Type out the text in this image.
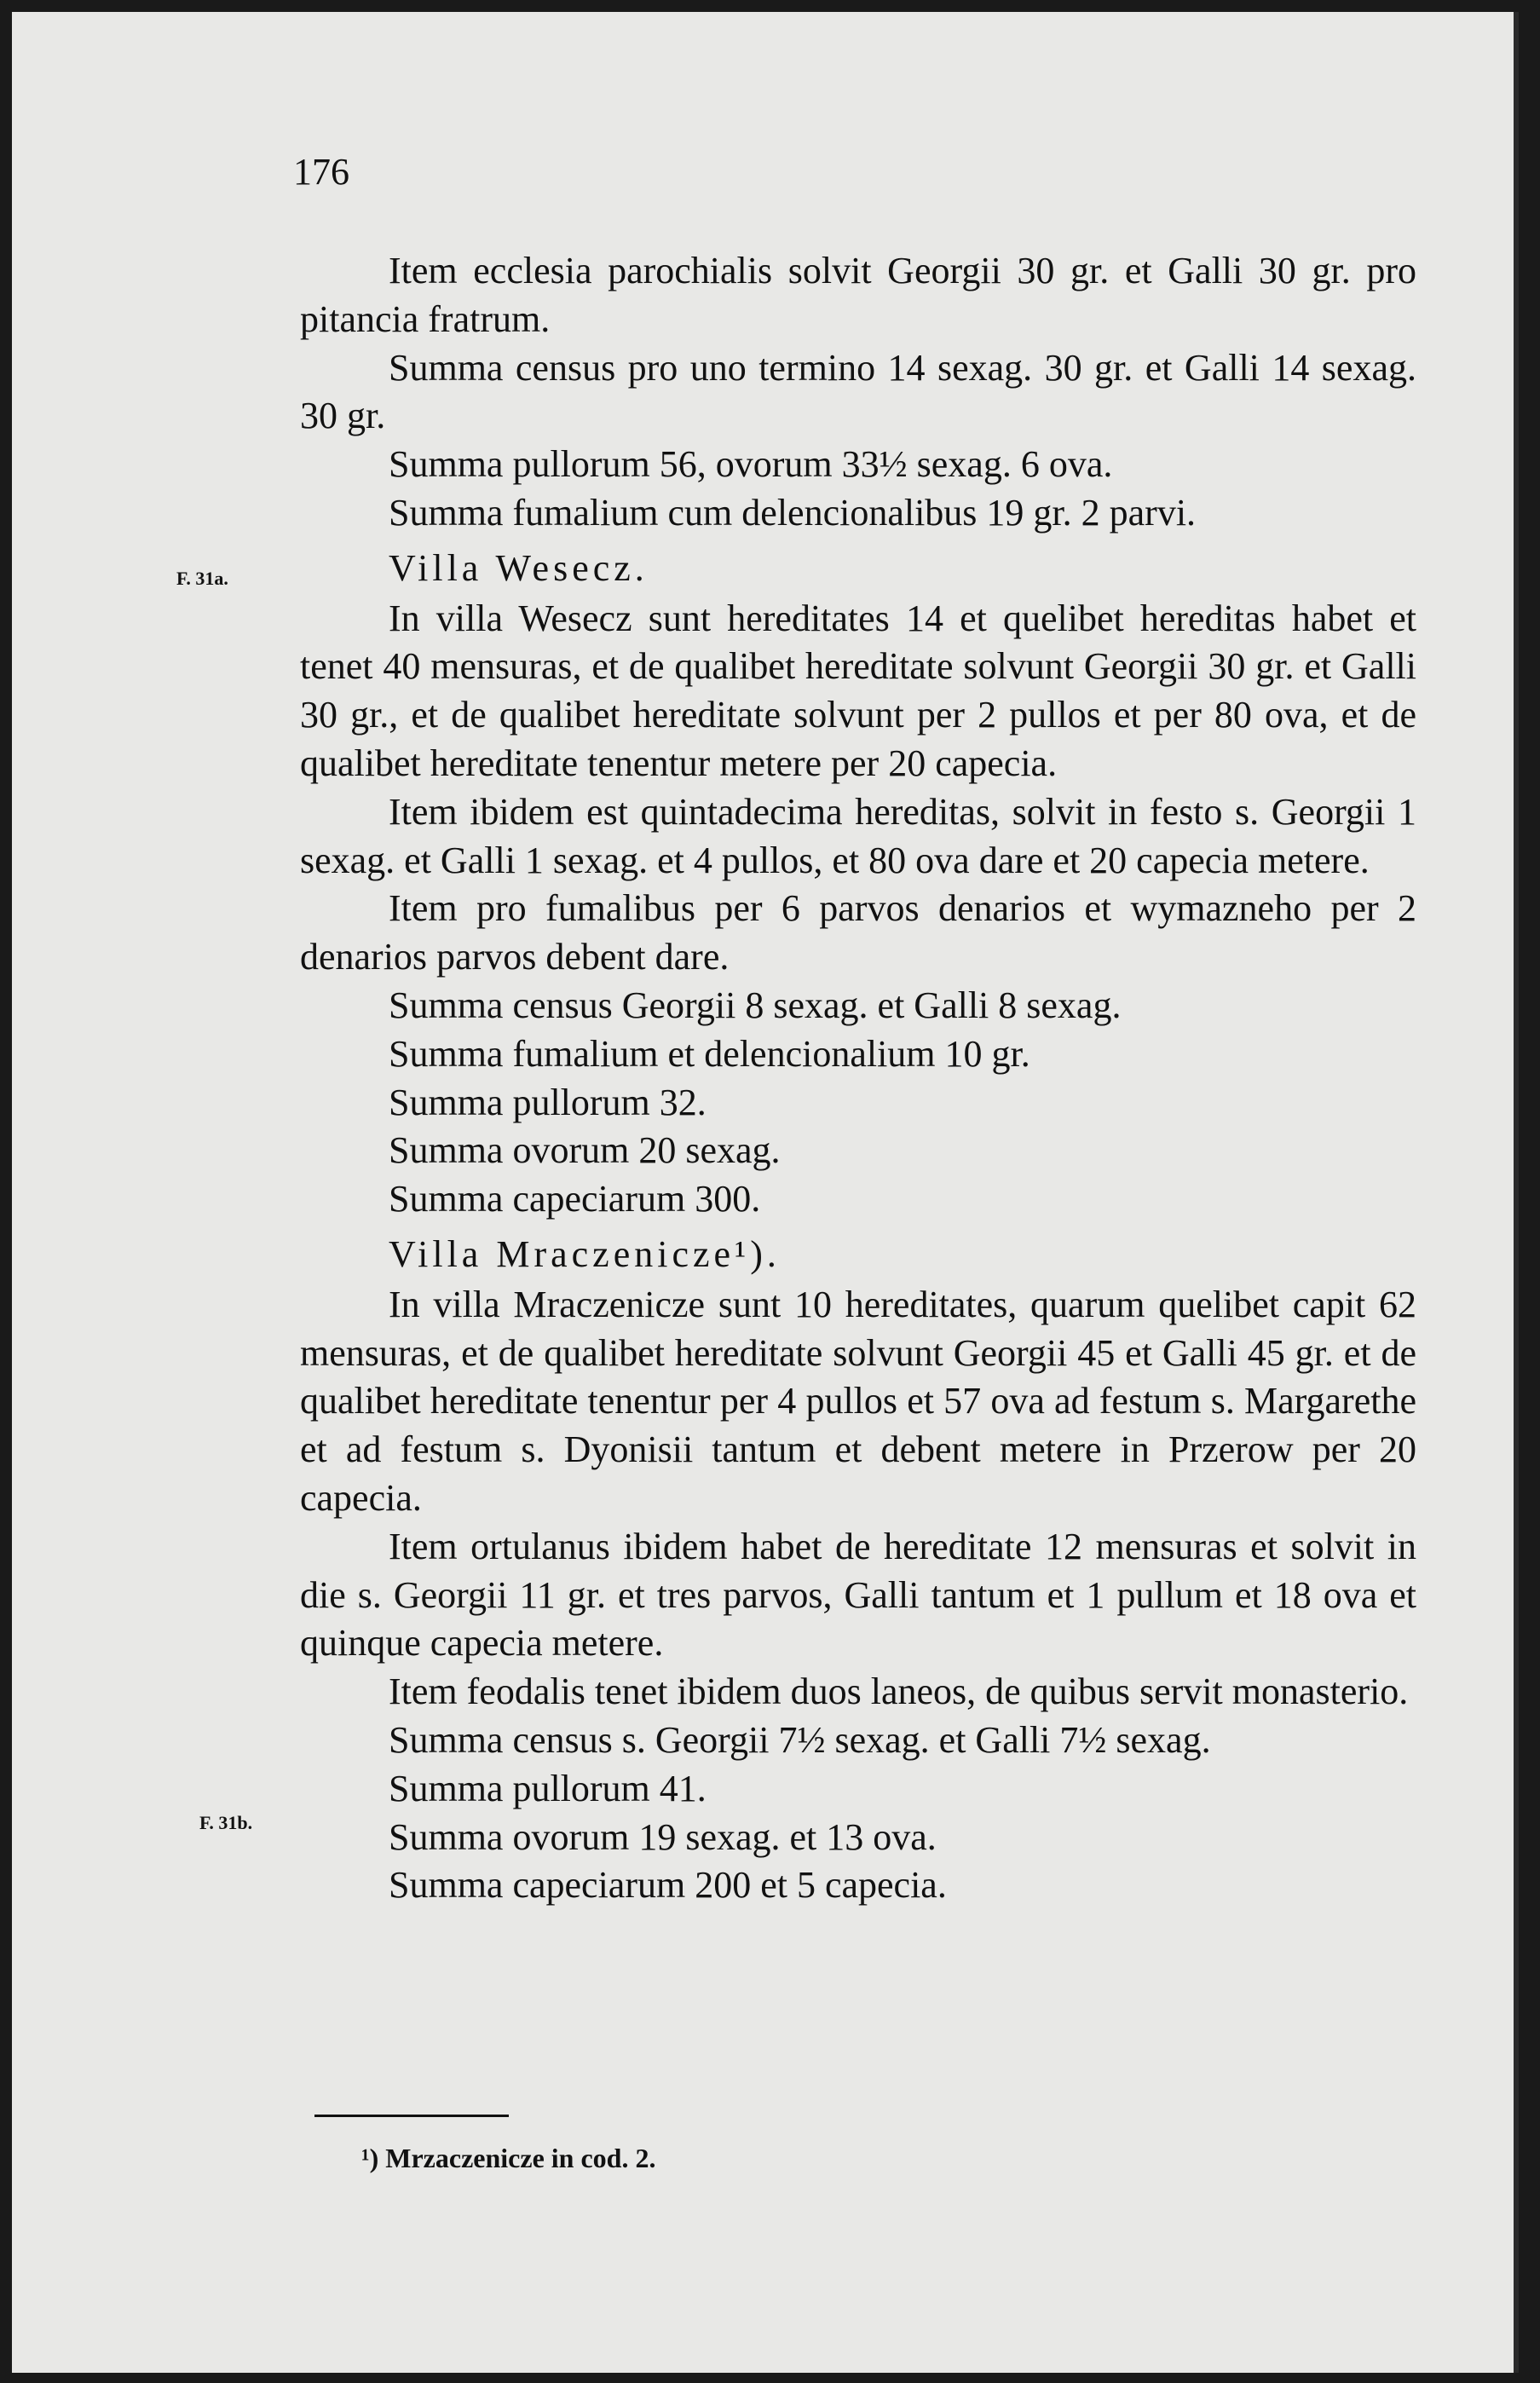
176
F. 31a.
F. 31b.

Item ecclesia parochialis solvit Georgii 30 gr. et Galli 30 gr. pro pitancia fratrum.

Summa census pro uno termino 14 sexag. 30 gr. et Galli 14 sexag. 30 gr.

Summa pullorum 56, ovorum 33½ sexag. 6 ova.

Summa fumalium cum delencionalibus 19 gr. 2 parvi.

Villa Wesecz.

In villa Wesecz sunt hereditates 14 et quelibet hereditas habet et tenet 40 mensuras, et de qualibet hereditate solvunt Georgii 30 gr. et Galli 30 gr., et de qualibet hereditate solvunt per 2 pullos et per 80 ova, et de qualibet hereditate tenentur metere per 20 capecia.

Item ibidem est quintadecima hereditas, solvit in festo s. Georgii 1 sexag. et Galli 1 sexag. et 4 pullos, et 80 ova dare et 20 capecia metere.

Item pro fumalibus per 6 parvos denarios et wymazneho per 2 denarios parvos debent dare.

Summa census Georgii 8 sexag. et Galli 8 sexag.

Summa fumalium et delencionalium 10 gr.

Summa pullorum 32.

Summa ovorum 20 sexag.

Summa capeciarum 300.

Villa Mraczenicze¹).

In villa Mraczenicze sunt 10 hereditates, quarum quelibet capit 62 mensuras, et de qualibet hereditate solvunt Georgii 45 et Galli 45 gr. et de qualibet hereditate tenentur per 4 pullos et 57 ova ad festum s. Margarethe et ad festum s. Dyonisii tantum et debent metere in Przerow per 20 capecia.

Item ortulanus ibidem habet de hereditate 12 mensuras et solvit in die s. Georgii 11 gr. et tres parvos, Galli tantum et 1 pullum et 18 ova et quinque capecia metere.

Item feodalis tenet ibidem duos laneos, de quibus servit monasterio.

Summa census s. Georgii 7½ sexag. et Galli 7½ sexag.

Summa pullorum 41.

Summa ovorum 19 sexag. et 13 ova.

Summa capeciarum 200 et 5 capecia.

¹) Mrzaczenicze in cod. 2.
